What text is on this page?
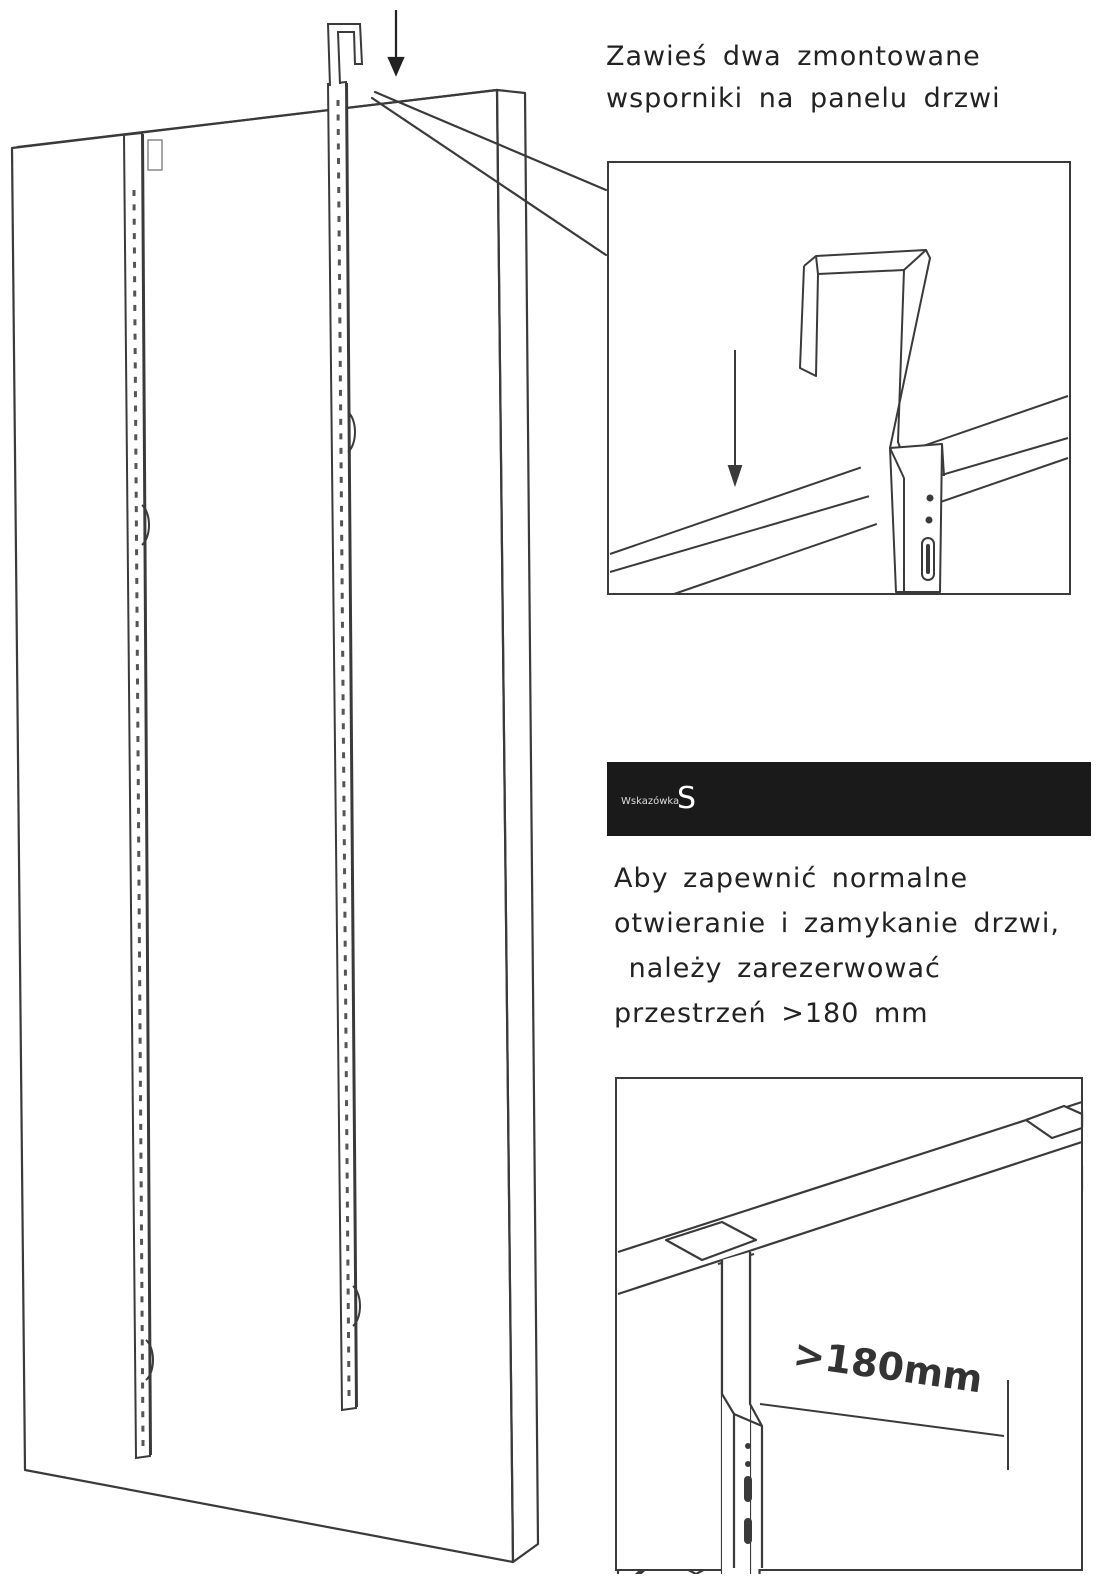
Zawieś dwa zmontowane
wsporniki na panelu drzwi
Wskazówka
S
Aby zapewnić normalne
otwieranie i zamykanie drzwi,
należy zarezerwować
przestrzeń >180 mm
>180mm
